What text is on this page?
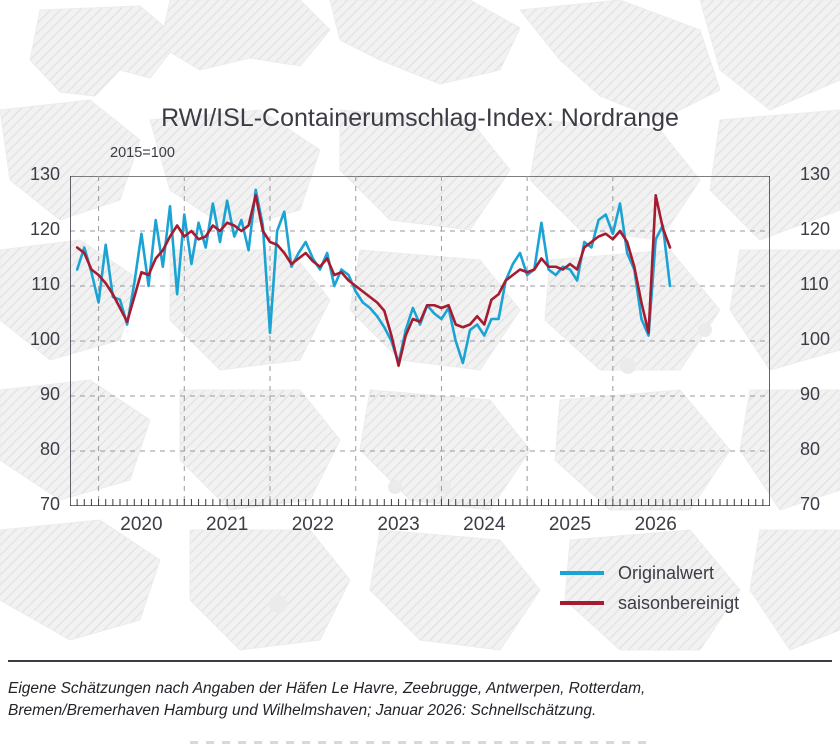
RWI/ISL-Containerumschlag-Index: Nordrange
2015=100
70
80
90
100
110
120
130
70
80
90
100
110
120
130
2020	2021	2022	2023	2024	2025	2026
Originalwert
saisonbereinigt
Eigene Schätzungen nach Angaben der Häfen Le Havre, Zeebrugge, Antwerpen, Rotterdam,
Bremen/Bremerhaven Hamburg und Wilhelmshaven; Januar 2026: Schnellschätzung.
